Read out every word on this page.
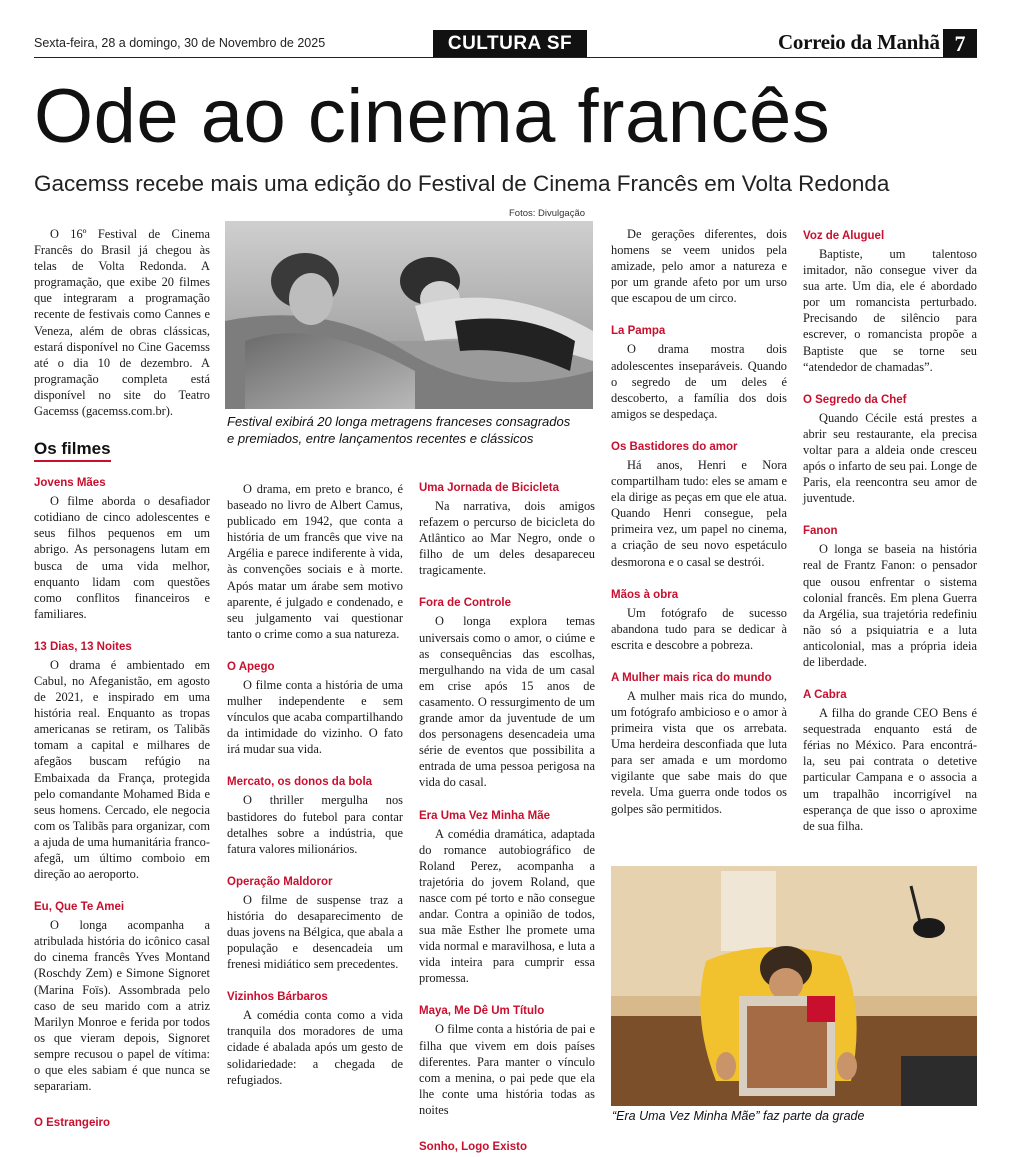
Sexta-feira, 28 a domingo, 30 de Novembro de 2025	CULTURA SF	Correio da Manhã 7
Ode ao cinema francês
Gacemss recebe mais uma edição do Festival de Cinema Francês em Volta Redonda

O 16º Festival de Cinema Francês do Brasil já chegou às telas de Volta Redonda. A programação, que exibe 20 filmes que integraram a programação recente de festivais como Cannes e Veneza, além de obras clássicas, estará disponível no Cine Gacemss até o dia 10 de dezembro. A programação completa está disponível no site do Teatro Gacemss (gacemss.com.br).

Os filmes
Jovens Mães

O filme aborda o desafiador cotidiano de cinco adolescentes e seus filhos pequenos em um abrigo. As personagens lutam em busca de uma vida melhor, enquanto lidam com questões como conflitos financeiros e familiares.

13 Dias, 13 Noites

O drama é ambientado em Cabul, no Afeganistão, em agosto de 2021, e inspirado em uma história real. Enquanto as tropas americanas se retiram, os Talibãs tomam a capital e milhares de afegãos buscam refúgio na Embaixada da França, protegida pelo comandante Mohamed Bida e seus homens. Cercado, ele negocia com os Talibãs para organizar, com a ajuda de uma humanitária franco-afegã, um último comboio em direção ao aeroporto.

Eu, Que Te Amei

O longa acompanha a atribulada história do icônico casal do cinema francês Yves Montand (Roschdy Zem) e Simone Signoret (Marina Foïs). Assombrada pelo caso de seu marido com a atriz Marilyn Monroe e ferida por todos os que vieram depois, Signoret sempre recusou o papel de vítima: o que eles sabiam é que nunca se separariam.

O Estrangeiro
Fotos: Divulgação
Festival exibirá 20 longa metragens franceses consagrados e premiados, entre lançamentos recentes e clássicos

O drama, em preto e branco, é baseado no livro de Albert Camus, publicado em 1942, que conta a história de um francês que vive na Argélia e parece indiferente à vida, às convenções sociais e à morte. Após matar um árabe sem motivo aparente, é julgado e condenado, e seu julgamento vai questionar tanto o crime como a sua natureza.

O Apego

O filme conta a história de uma mulher independente e sem vínculos que acaba compartilhando da intimidade do vizinho. O fato irá mudar sua vida.

Mercato, os donos da bola

O thriller mergulha nos bastidores do futebol para contar detalhes sobre a indústria, que fatura valores milionários.

Operação Maldoror

O filme de suspense traz a história do desaparecimento de duas jovens na Bélgica, que abala a população e desencadeia um frenesi midiático sem precedentes.

Vizinhos Bárbaros

A comédia conta como a vida tranquila dos moradores de uma cidade é abalada após um gesto de solidariedade: a chegada de refugiados.

Uma Jornada de Bicicleta

Na narrativa, dois amigos refazem o percurso de bicicleta do Atlântico ao Mar Negro, onde o filho de um deles desapareceu tragicamente.

Fora de Controle

O longa explora temas universais como o amor, o ciúme e as consequências das escolhas, mergulhando na vida de um casal em crise após 15 anos de casamento. O ressurgimento de um grande amor da juventude de um dos personagens desencadeia uma série de eventos que possibilita a entrada de uma pessoa perigosa na vida do casal.

Era Uma Vez Minha Mãe

A comédia dramática, adaptada do romance autobiográfico de Roland Perez, acompanha a trajetória do jovem Roland, que nasce com pé torto e não consegue andar. Contra a opinião de todos, sua mãe Esther lhe promete uma vida normal e maravilhosa, e luta a vida inteira para cumprir essa promessa.

Maya, Me Dê Um Título

O filme conta a história de pai e filha que vivem em dois países diferentes. Para manter o vínculo com a menina, o pai pede que ela lhe conte uma história todas as noites

Sonho, Logo Existo

De gerações diferentes, dois homens se veem unidos pela amizade, pelo amor a natureza e por um grande afeto por um urso que escapou de um circo.

La Pampa

O drama mostra dois adolescentes inseparáveis. Quando o segredo de um deles é descoberto, a família dos dois amigos se despedaça.

Os Bastidores do amor

Há anos, Henri e Nora compartilham tudo: eles se amam e ela dirige as peças em que ele atua. Quando Henri consegue, pela primeira vez, um papel no cinema, a criação de seu novo espetáculo desmorona e o casal se destrói.

Mãos à obra

Um fotógrafo de sucesso abandona tudo para se dedicar à escrita e descobre a pobreza.

A Mulher mais rica do mundo

A mulher mais rica do mundo, um fotógrafo ambicioso e o amor à primeira vista que os arrebata. Uma herdeira desconfiada que luta para ser amada e um mordomo vigilante que sabe mais do que revela. Uma guerra onde todos os golpes são permitidos.

Voz de Aluguel

Baptiste, um talentoso imitador, não consegue viver da sua arte. Um dia, ele é abordado por um romancista perturbado. Precisando de silêncio para escrever, o romancista propõe a Baptiste que se torne seu “atendedor de chamadas”.

O Segredo da Chef

Quando Cécile está prestes a abrir seu restaurante, ela precisa voltar para a aldeia onde cresceu após o infarto de seu pai. Longe de Paris, ela reencontra seu amor de juventude.

Fanon

O longa se baseia na história real de Frantz Fanon: o pensador que ousou enfrentar o sistema colonial francês. Em plena Guerra da Argélia, sua trajetória redefiniu não só a psiquiatria e a luta anticolonial, mas a própria ideia de liberdade.

A Cabra

A filha do grande CEO Bens é sequestrada enquanto está de férias no México. Para encontrá-la, seu pai contrata o detetive particular Campana e o associa a um trapalhão incorrigível na esperança de que isso o aproxime de sua filha.

“Era Uma Vez Minha Mãe” faz parte da grade
